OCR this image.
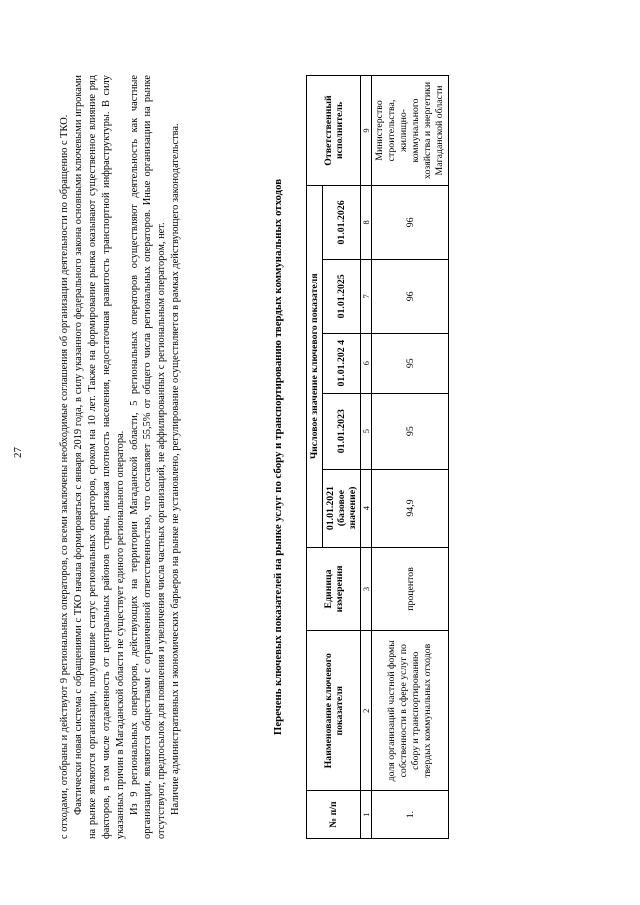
27	с отходами, отобраны и действуют 9 региональных операторов, со всеми заключены необходимые соглашения об организации деятельности по обращению с ТКО. Фактически новая система с обращениями с ТКО начала формироваться с января 2019 года, в силу указанного федерального закона основными ключевыми игроками на рынке являются организации, получившие статус региональных операторов, сроком на 10 лет. Также на формирование рынка оказывают существенное влияние ряд факторов, в том числе отдаленность от центральных районов страны, низкая плотность населения, недостаточная развитость транспортной инфраструктуры. В силу указанных причин в Магаданской области не существует единого регионального оператора. Из 9 региональных операторов, действующих на территории Магаданской области, 5 региональных операторов осуществляют деятельность как частные организации, являются обществами с ограниченной ответственностью, что составляет 55,5% от общего числа региональных операторов. Иные организации на рынке отсутствуют, предпосылок для появления и увеличения числа частных организаций, не аффилированных с региональным оператором, нет. Наличие административных и экономических барьеров на рынке не установлено, регулирование осуществляется в рамках действующего законодательства.	Перечень ключевых показателей на рынке услуг по сбору и транспортированию твердых коммунальных отходов
№ п/п	Наименование ключевого показателя	Единица измерения	Числовое значение ключевого показателя					Ответственный исполнитель
			01.01.2021 (базовое значение)	01.01.2023	01.01.202 4	01.01.2025	01.01.2026	
1	2	3	4	5	6	7	8	9
1.	доля организаций частной формы собственности в сфере услуг по сбору и транспортированию твердых коммунальных отходов	процентов	94,9	95	95	96	96	Министерство строительства, жилищно-коммунального хозяйства и энергетики Магаданской области
